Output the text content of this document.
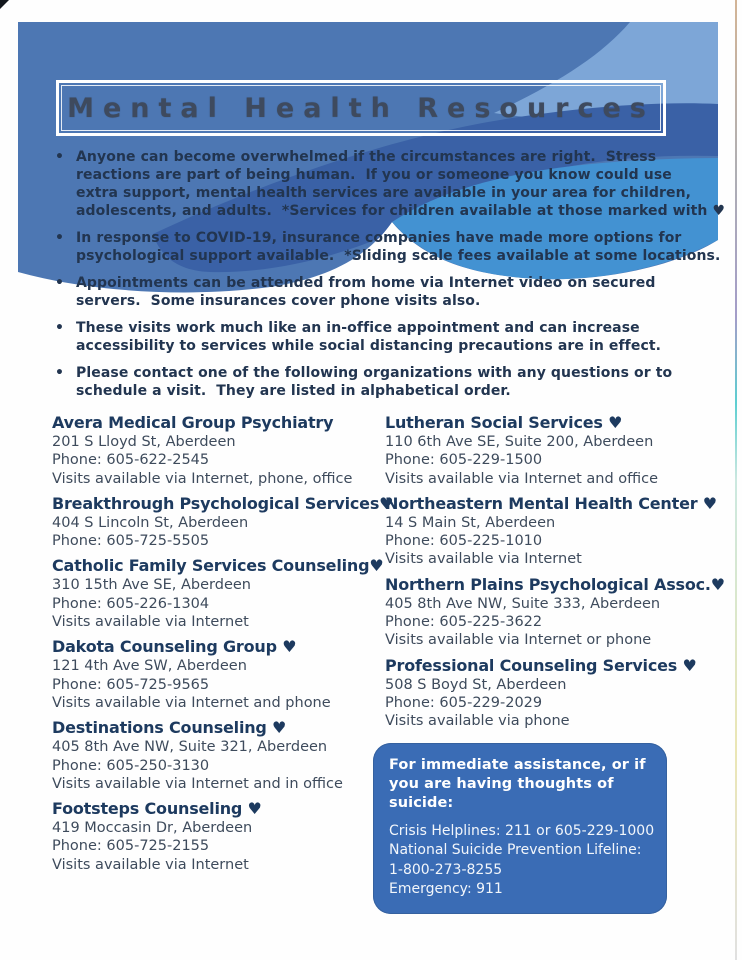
Mental Health Resources
• Anyone can become overwhelmed if the circumstances are right.  Stress
reactions are part of being human.  If you or someone you know could use
extra support, mental health services are available in your area for children,
adolescents, and adults.  *Services for children available at those marked with ♥
• In response to COVID-19, insurance companies have made more options for
psychological support available.  *Sliding scale fees available at some locations.
• Appointments can be attended from home via Internet video on secured
servers.  Some insurances cover phone visits also.
• These visits work much like an in-office appointment and can increase
accessibility to services while social distancing precautions are in effect.
• Please contact one of the following organizations with any questions or to
schedule a visit.  They are listed in alphabetical order.
Avera Medical Group Psychiatry
201 S Lloyd St, Aberdeen
Phone: 605-622-2545
Visits available via Internet, phone, office
Breakthrough Psychological Services♥
404 S Lincoln St, Aberdeen
Phone: 605-725-5505
Catholic Family Services Counseling♥
310 15th Ave SE, Aberdeen
Phone: 605-226-1304
Visits available via Internet
Dakota Counseling Group ♥
121 4th Ave SW, Aberdeen
Phone: 605-725-9565
Visits available via Internet and phone
Destinations Counseling ♥
405 8th Ave NW, Suite 321, Aberdeen
Phone: 605-250-3130
Visits available via Internet and in office
Footsteps Counseling ♥
419 Moccasin Dr, Aberdeen
Phone: 605-725-2155
Visits available via Internet
Lutheran Social Services ♥
110 6th Ave SE, Suite 200, Aberdeen
Phone: 605-229-1500
Visits available via Internet and office
Northeastern Mental Health Center ♥
14 S Main St, Aberdeen
Phone: 605-225-1010
Visits available via Internet
Northern Plains Psychological Assoc.♥
405 8th Ave NW, Suite 333, Aberdeen
Phone: 605-225-3622
Visits available via Internet or phone
Professional Counseling Services ♥
508 S Boyd St, Aberdeen
Phone: 605-229-2029
Visits available via phone
For immediate assistance, or if you are having thoughts of suicide:
Crisis Helplines: 211 or 605-229-1000
National Suicide Prevention Lifeline:
1-800-273-8255
Emergency: 911
